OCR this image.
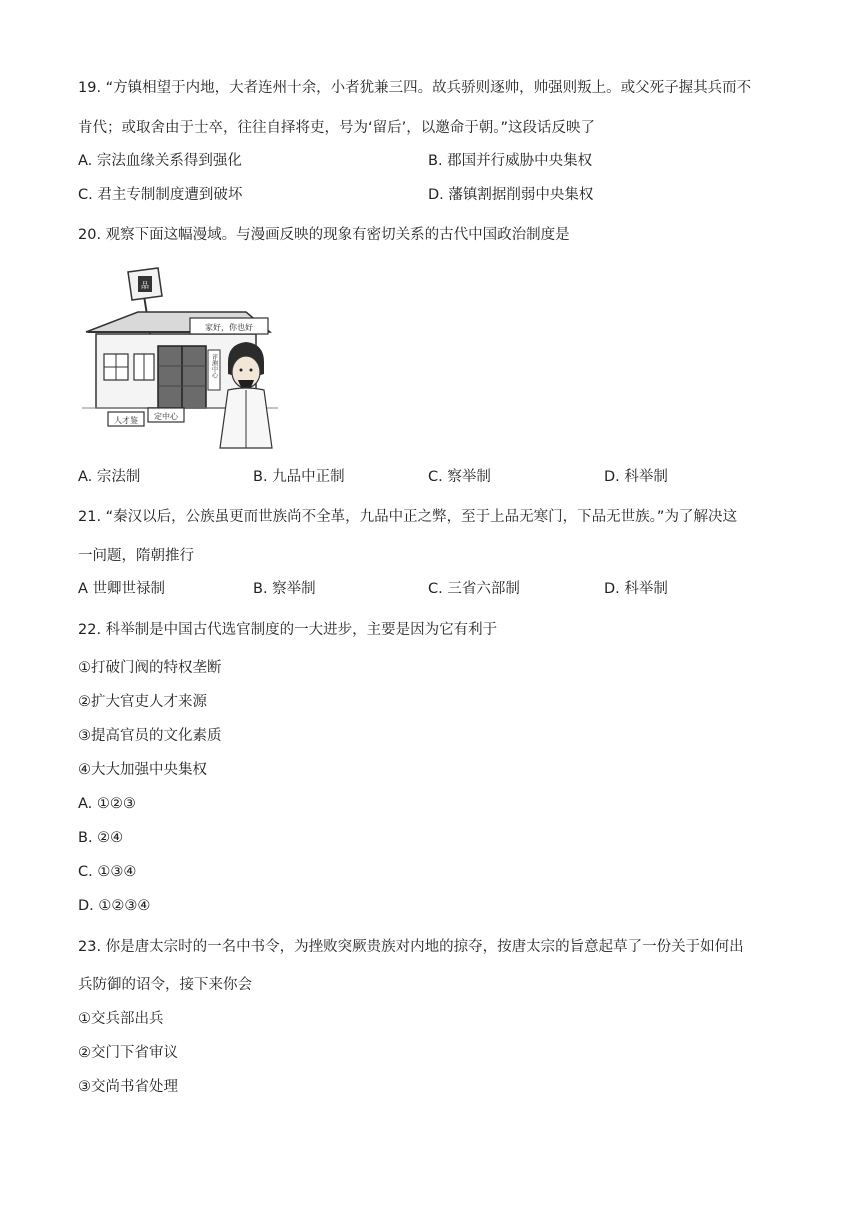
19. “方镇相望于内地，大者连州十余，小者犹兼三四。故兵骄则逐帅，帅强则叛上。或父死子握其兵而不
肯代；或取舍由于士卒，往往自择将吏，号为‘留后’，以邀命于朝。”这段话反映了
A. 宗法血缘关系得到强化	B. 郡国并行威胁中央集权
C. 君主专制制度遭到破坏	D. 藩镇割据削弱中央集权
20. 观察下面这幅漫域。与漫画反映的现象有密切关系的古代中国政治制度是
品
家好，你也好
评测中心
人才鉴 定中心
A. 宗法制	B. 九品中正制	C. 察举制	D. 科举制
21. “秦汉以后，公族虽更而世族尚不全革，九品中正之弊，至于上品无寒门，下品无世族。”为了解决这
一问题，隋朝推行
A 世卿世禄制	B. 察举制	C. 三省六部制	D. 科举制
22. 科举制是中国古代选官制度的一大进步，主要是因为它有利于
①打破门阀的特权垄断
②扩大官吏人才来源
③提高官员的文化素质
④大大加强中央集权
A. ①②③
B. ②④
C. ①③④
D. ①②③④
23. 你是唐太宗时的一名中书令，为挫败突厥贵族对内地的掠夺，按唐太宗的旨意起草了一份关于如何出
兵防御的诏令，接下来你会
①交兵部出兵
②交门下省审议
③交尚书省处理
